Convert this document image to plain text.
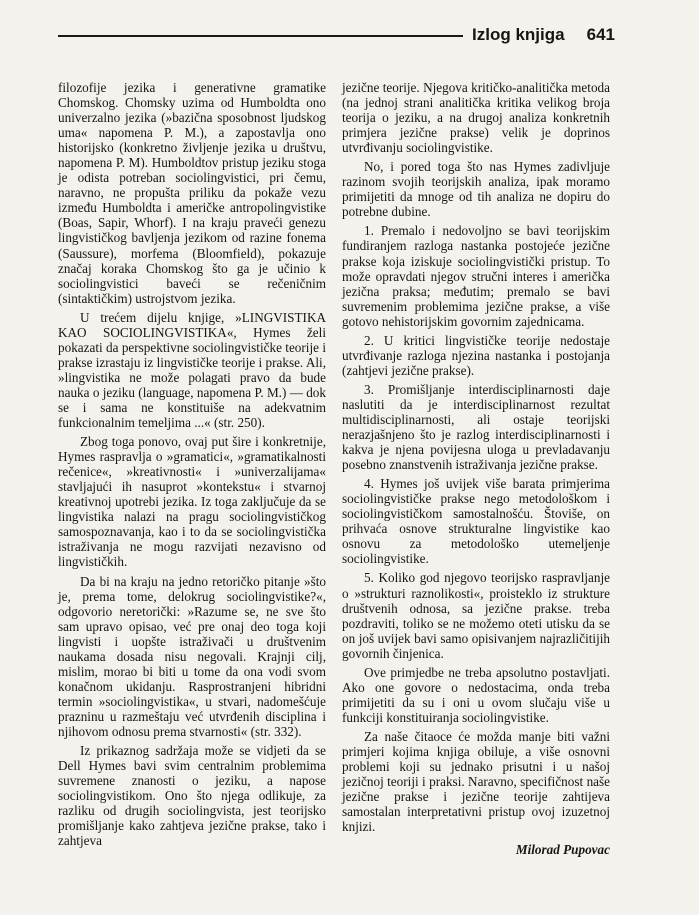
Izlog knjiga	641

filozofije jezika i generativne gramatike Chomskog. Chomsky uzima od Humboldta ono univerzalno jezika (»bazična sposobnost ljudskog uma« napomena P. M.), a zapostavlja ono historijsko (konkretno življenje jezika u društvu, napomena P. M). Humboldtov pristup jeziku stoga je odista potreban sociolingvistici, pri čemu, naravno, ne propušta priliku da pokaže vezu između Humboldta i američke antropolingvistike (Boas, Sapir, Whorf). I na kraju praveći genezu lingvističkog bavljenja jezikom od razine fonema (Saussure), morfema (Bloomfield), pokazuje značaj koraka Chomskog što ga je učinio k sociolingvistici baveći se rečeničnim (sintaktičkim) ustrojstvom jezika.

U trećem dijelu knjige, »LINGVISTIKA KAO SOCIOLINGVISTIKA«, Hymes želi pokazati da perspektivne sociolingvističke teorije i prakse izrastaju iz lingvističke teorije i prakse. Ali, »lingvistika ne može polagati pravo da bude nauka o jeziku (language, napomena P. M.) — dok se i sama ne konstituiše na adekvatnim funkcionalnim temeljima ...« (str. 250).

Zbog toga ponovo, ovaj put šire i konkretnije, Hymes raspravlja o »gramatici«, »gramatikalnosti rečenice«, »kreativnosti« i »univerzalijama« stavljajući ih nasuprot »kontekstu« i stvarnoj kreativnoj upotrebi jezika. Iz toga zaključuje da se lingvistika nalazi na pragu sociolingvističkog samospoznavanja, kao i to da se sociolingvistička istraživanja ne mogu razvijati nezavisno od lingvističkih.

Da bi na kraju na jedno retoričko pitanje »što je, prema tome, delokrug sociolingvistike?«, odgovorio neretorički: »Razume se, ne sve što sam upravo opisao, već pre onaj deo toga koji lingvisti i uopšte istraživači u društvenim naukama dosada nisu negovali. Krajnji cilj, mislim, morao bi biti u tome da ona vodi svom konačnom ukidanju. Rasprostranjeni hibridni termin »sociolingvistika«, u stvari, nadomešćuje prazninu u razmeštaju već utvrđenih disciplina i njihovom odnosu prema stvarnosti« (str. 332).

Iz prikaznog sadržaja može se vidjeti da se Dell Hymes bavi svim centralnim problemima suvremene znanosti o jeziku, a napose sociolingvistikom. Ono što njega odlikuje, za razliku od drugih sociolingvista, jest teorijsko promišljanje kako zahtjeva jezične prakse, tako i zahtjeva

jezične teorije. Njegova kritičko-analitička metoda (na jednoj strani analitička kritika velikog broja teorija o jeziku, a na drugoj analiza konkretnih primjera jezične prakse) velik je doprinos utvrđivanju sociolingvistike.

No, i pored toga što nas Hymes zadivljuje razinom svojih teorijskih analiza, ipak moramo primijetiti da mnoge od tih analiza ne dopiru do potrebne dubine.

1. Premalo i nedovoljno se bavi teorijskim fundiranjem razloga nastanka postojeće jezične prakse koja iziskuje sociolingvistički pristup. To može opravdati njegov stručni interes i američka jezična praksa; međutim; premalo se bavi suvremenim problemima jezične prakse, a više gotovo nehistorijskim govornim zajednicama.

2. U kritici lingvističke teorije nedostaje utvrđivanje razloga njezina nastanka i postojanja (zahtjevi jezične prakse).

3. Promišljanje interdisciplinarnosti daje naslutiti da je interdisciplinarnost rezultat multidisciplinarnosti, ali ostaje teorijski nerazjašnjeno što je razlog interdisciplinarnosti i kakva je njena povijesna uloga u prevladavanju posebno znanstvenih istraživanja jezične prakse.

4. Hymes još uvijek više barata primjerima sociolingvističke prakse nego metodološkom i sociolingvističkom samostalnošću. Štoviše, on prihvaća osnove strukturalne lingvistike kao osnovu za metodološko utemeljenje sociolingvistike.

5. Koliko god njegovo teorijsko raspravljanje o »strukturi raznolikosti«, proisteklo iz strukture društvenih odnosa, sa jezične prakse. treba pozdraviti, toliko se ne možemo oteti utisku da se on još uvijek bavi samo opisivanjem najrazličitijih govornih činjenica.

Ove primjedbe ne treba apsolutno postavljati. Ako one govore o nedostacima, onda treba primijetiti da su i oni u ovom slučaju više u funkciji konstituiranja sociolingvistike.

Za naše čitaoce će možda manje biti važni primjeri kojima knjiga obiluje, a više osnovni problemi koji su jednako prisutni i u našoj jezičnoj teoriji i praksi. Naravno, specifičnost naše jezične prakse i jezične teorije zahtijeva samostalan interpretativni pristup ovoj izuzetnoj knjizi.

Milorad Pupovac
